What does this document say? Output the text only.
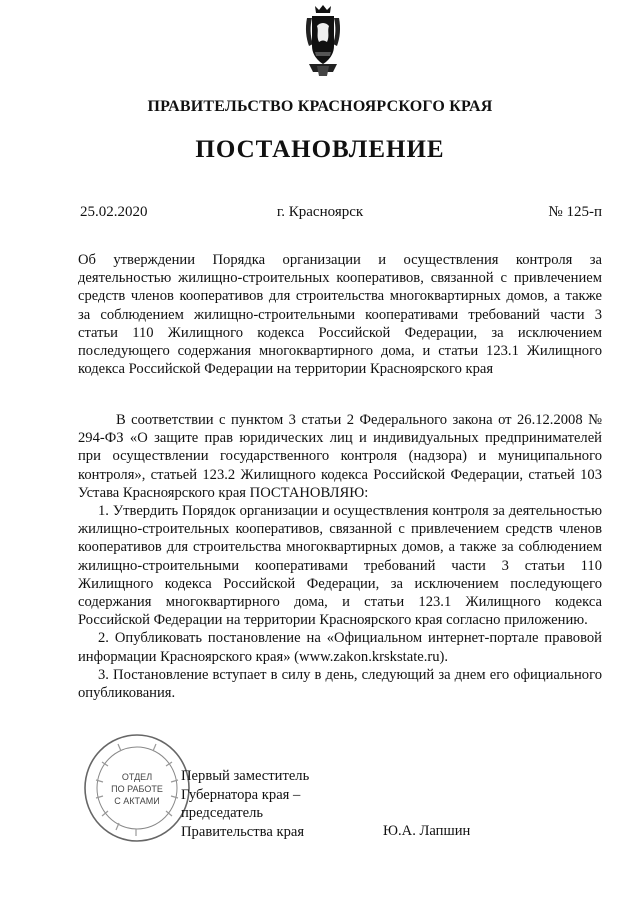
ПРАВИТЕЛЬСТВО КРАСНОЯРСКОГО КРАЯ
ПОСТАНОВЛЕНИЕ
25.02.2020	г. Красноярск	№ 125-п
Об утверждении Порядка организации и осуществления контроля за деятельностью жилищно-строительных кооперативов, связанной с привлечением средств членов кооперативов для строительства многоквартирных домов, а также за соблюдением жилищно-строительными кооперативами требований части 3 статьи 110 Жилищного кодекса Российской Федерации, за исключением последующего содержания многоквартирного дома, и статьи 123.1 Жилищного кодекса Российской Федерации на территории Красноярского края

В соответствии с пунктом 3 статьи 2 Федерального закона от 26.12.2008 № 294-ФЗ «О защите прав юридических лиц и индивидуальных предпринимателей при осуществлении государственного контроля (надзора) и муниципального контроля», статьей 123.2 Жилищного кодекса Российской Федерации, статьей 103 Устава Красноярского края ПОСТАНОВЛЯЮ:

1. Утвердить Порядок организации и осуществления контроля за деятельностью жилищно-строительных кооперативов, связанной с привлечением средств членов кооперативов для строительства многоквартирных домов, а также за соблюдением жилищно-строительными кооперативами требований части 3 статьи 110 Жилищного кодекса Российской Федерации, за исключением последующего содержания многоквартирного дома, и статьи 123.1 Жилищного кодекса Российской Федерации на территории Красноярского края согласно приложению.

2. Опубликовать постановление на «Официальном интернет-портале правовой информации Красноярского края» (www.zakon.krskstate.ru).

3. Постановление вступает в силу в день, следующий за днем его официального опубликования.

ОТДЕЛ
ПО РАБОТЕ
С АКТАМИ
Первый заместитель
Губернатора края –
председатель
Правительства края	Ю.А. Лапшин
